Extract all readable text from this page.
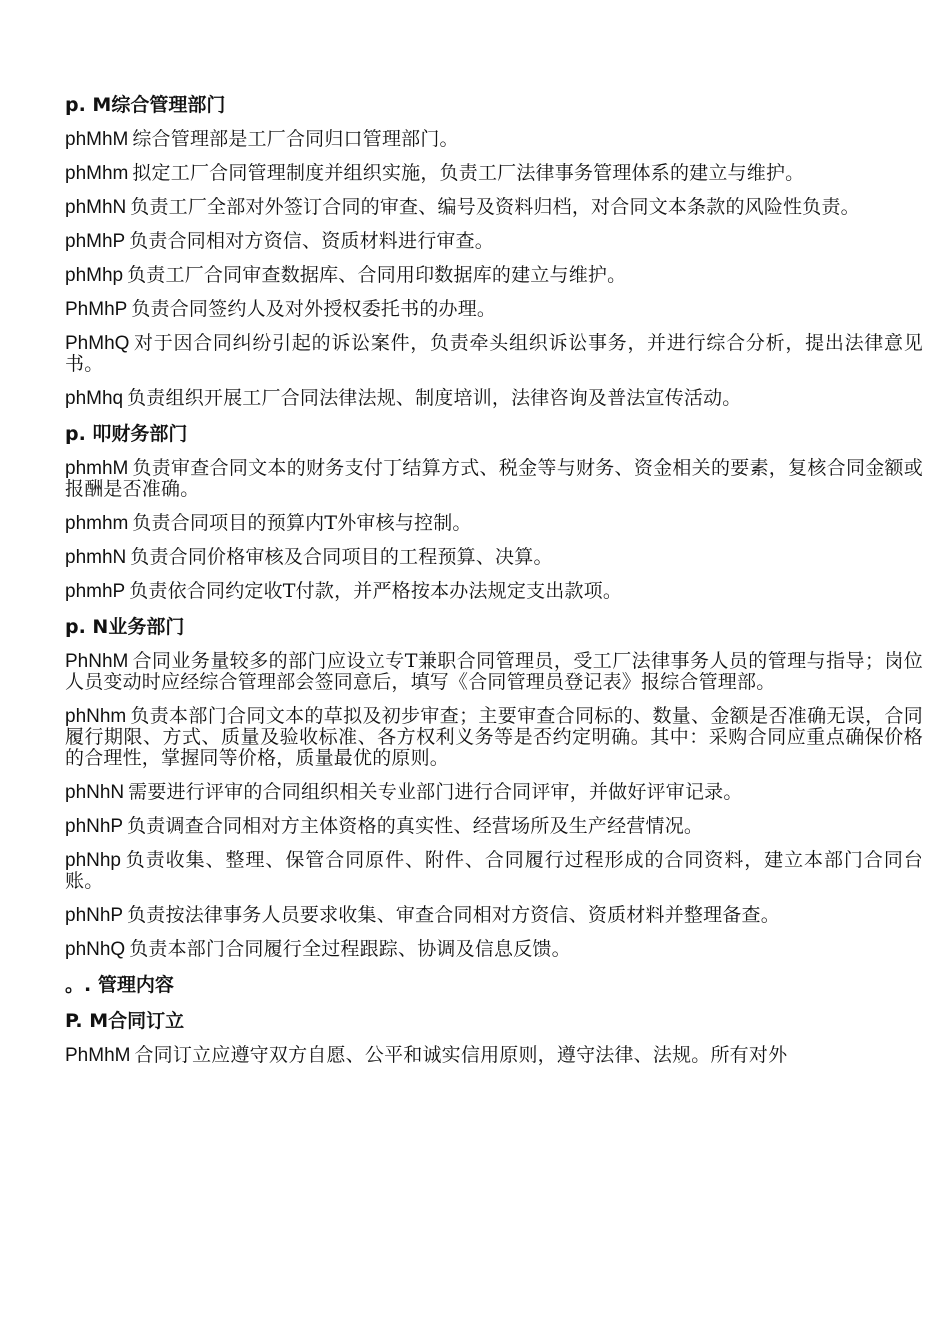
p. M综合管理部门
phMhM 综合管理部是工厂合同归口管理部门。
phMhm 拟定工厂合同管理制度并组织实施，负责工厂法律事务管理体系的建立与维护。
phMhN 负责工厂全部对外签订合同的审查、编号及资料归档，对合同文本条款的风险性负责。
phMhP 负责合同相对方资信、资质材料进行审查。
phMhp 负责工厂合同审查数据库、合同用印数据库的建立与维护。
PhMhP 负责合同签约人及对外授权委托书的办理。
PhMhQ 对于因合同纠纷引起的诉讼案件，负责牵头组织诉讼事务，并进行综合分析，提出法律意见书。
phMhq 负责组织开展工厂合同法律法规、制度培训，法律咨询及普法宣传活动。
p. 叩财务部门
phmhM 负责审查合同文本的财务支付丁结算方式、税金等与财务、资金相关的要素，复核合同金额或报酬是否准确。
phmhm 负责合同项目的预算内T外审核与控制。
phmhN 负责合同价格审核及合同项目的工程预算、决算。
phmhP 负责依合同约定收T付款，并严格按本办法规定支出款项。
p. N业务部门
PhNhM 合同业务量较多的部门应设立专T兼职合同管理员，受工厂法律事务人员的管理与指导；岗位人员变动时应经综合管理部会签同意后，填写《合同管理员登记表》报综合管理部。
phNhm 负责本部门合同文本的草拟及初步审查；主要审查合同标的、数量、金额是否准确无误，合同履行期限、方式、质量及验收标准、各方权利义务等是否约定明确。其中：采购合同应重点确保价格的合理性，掌握同等价格，质量最优的原则。
phNhN 需要进行评审的合同组织相关专业部门进行合同评审，并做好评审记录。
phNhP 负责调查合同相对方主体资格的真实性、经营场所及生产经营情况。
phNhp 负责收集、整理、保管合同原件、附件、合同履行过程形成的合同资料，建立本部门合同台账。
phNhP 负责按法律事务人员要求收集、审查合同相对方资信、资质材料并整理备查。
phNhQ 负责本部门合同履行全过程跟踪、协调及信息反馈。
。. 管理内容
P. M合同订立
PhMhM 合同订立应遵守双方自愿、公平和诚实信用原则，遵守法律、法规。所有对外
